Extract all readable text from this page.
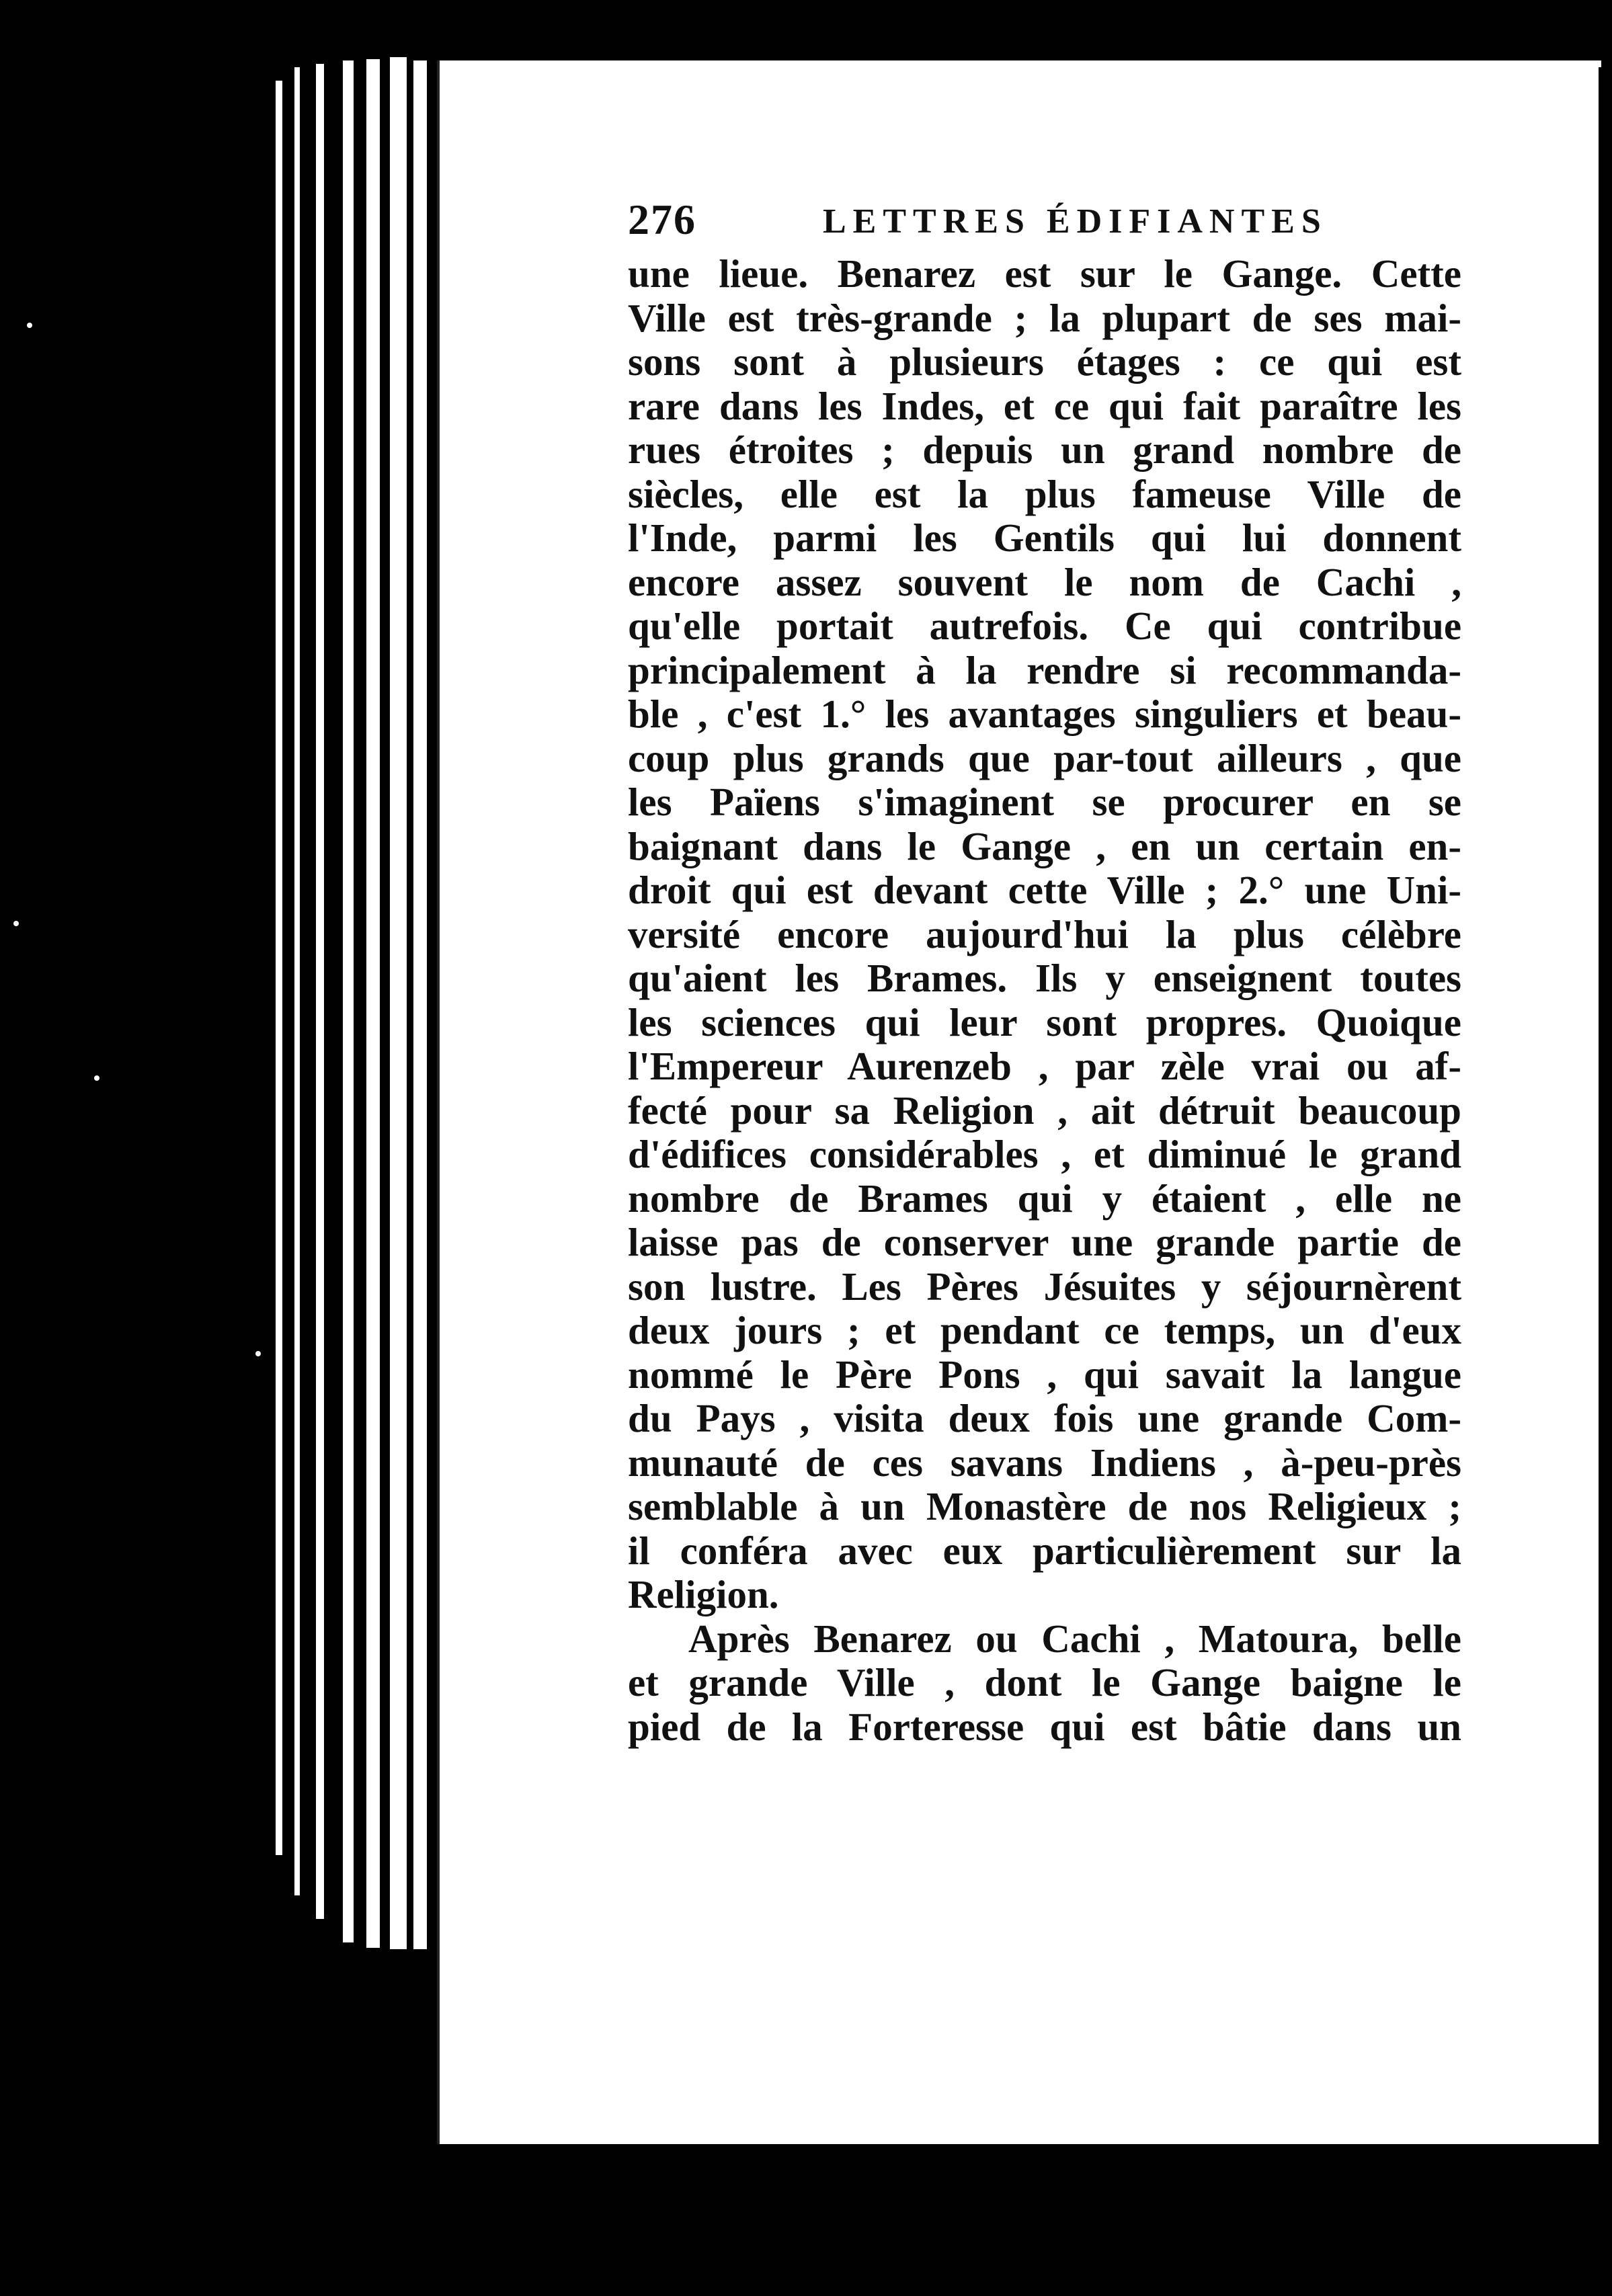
276	LETTRES ÉDIFIANTES
une lieue. Benarez est sur le Gange. Cette
Ville est très-grande ; la plupart de ses mai-
sons sont à plusieurs étages : ce qui est
rare dans les Indes, et ce qui fait paraître les
rues étroites ; depuis un grand nombre de
siècles, elle est la plus fameuse Ville de
l'Inde, parmi les Gentils qui lui donnent
encore assez souvent le nom de Cachi ,
qu'elle portait autrefois. Ce qui contribue
principalement à la rendre si recommanda-
ble , c'est 1.° les avantages singuliers et beau-
coup plus grands que par-tout ailleurs , que
les Païens s'imaginent se procurer en se
baignant dans le Gange , en un certain en-
droit qui est devant cette Ville ; 2.° une Uni-
versité encore aujourd'hui la plus célèbre
qu'aient les Brames. Ils y enseignent toutes
les sciences qui leur sont propres. Quoique
l'Empereur Aurenzeb , par zèle vrai ou af-
fecté pour sa Religion , ait détruit beaucoup
d'édifices considérables , et diminué le grand
nombre de Brames qui y étaient , elle ne
laisse pas de conserver une grande partie de
son lustre. Les Pères Jésuites y séjournèrent
deux jours ; et pendant ce temps, un d'eux
nommé le Père Pons , qui savait la langue
du Pays , visita deux fois une grande Com-
munauté de ces savans Indiens , à-peu-près
semblable à un Monastère de nos Religieux ;
il conféra avec eux particulièrement sur la
Religion.
Après Benarez ou Cachi , Matoura, belle
et grande Ville , dont le Gange baigne le
pied de la Forteresse qui est bâtie dans un
